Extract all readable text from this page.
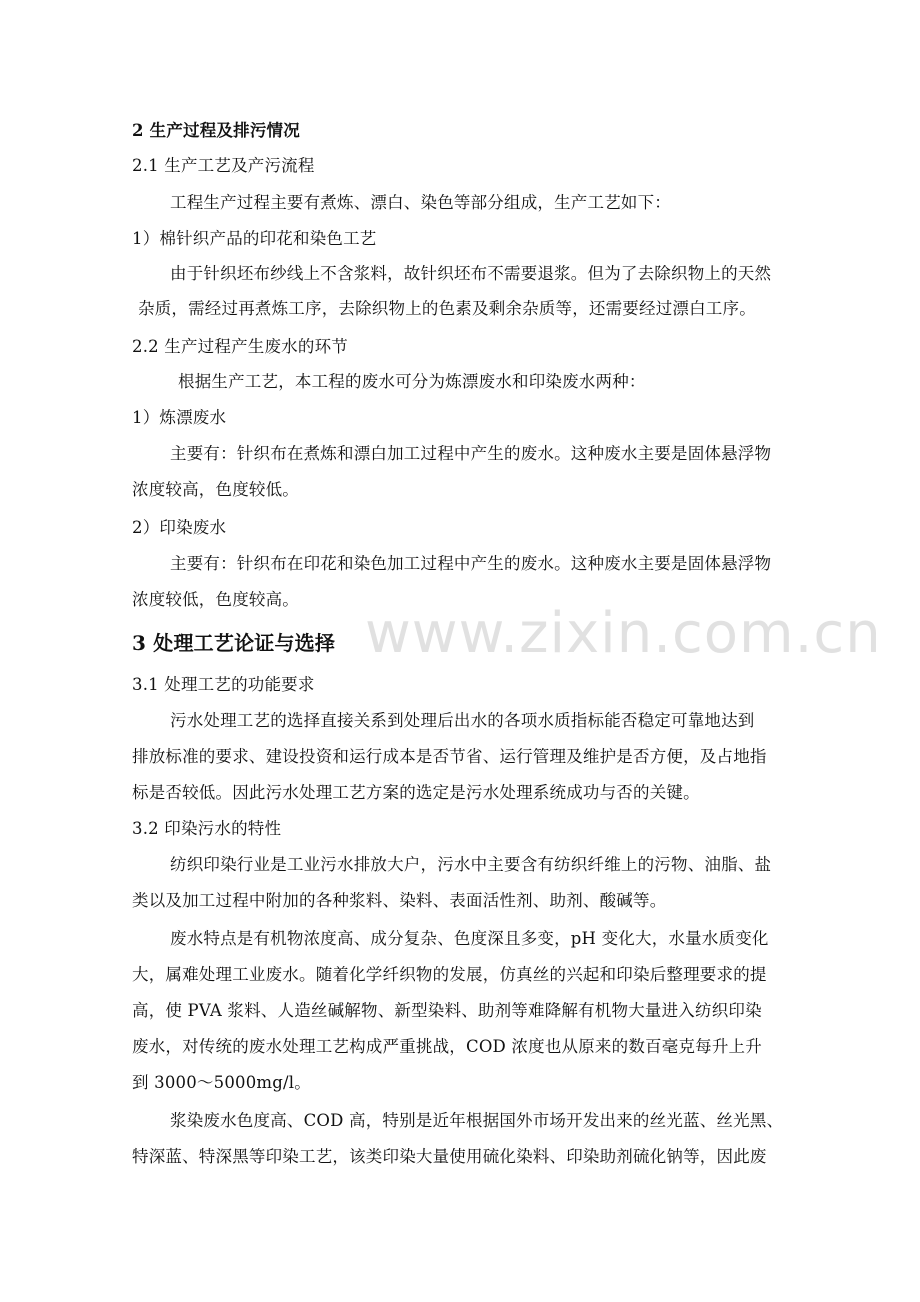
www.zixin.com.cn
2 生产过程及排污情况
2.1 生产工艺及产污流程
工程生产过程主要有煮炼、漂白、染色等部分组成，生产工艺如下：
1）棉针织产品的印花和染色工艺
由于针织坯布纱线上不含浆料，故针织坯布不需要退浆。但为了去除织物上的天然
杂质，需经过再煮炼工序，去除织物上的色素及剩余杂质等，还需要经过漂白工序。
2.2 生产过程产生废水的环节
根据生产工艺，本工程的废水可分为炼漂废水和印染废水两种：
1）炼漂废水
主要有：针织布在煮炼和漂白加工过程中产生的废水。这种废水主要是固体悬浮物
浓度较高，色度较低。
2）印染废水
主要有：针织布在印花和染色加工过程中产生的废水。这种废水主要是固体悬浮物
浓度较低，色度较高。
3 处理工艺论证与选择
3.1 处理工艺的功能要求
污水处理工艺的选择直接关系到处理后出水的各项水质指标能否稳定可靠地达到
排放标准的要求、建设投资和运行成本是否节省、运行管理及维护是否方便，及占地指
标是否较低。因此污水处理工艺方案的选定是污水处理系统成功与否的关键。
3.2 印染污水的特性
纺织印染行业是工业污水排放大户，污水中主要含有纺织纤维上的污物、油脂、盐
类以及加工过程中附加的各种浆料、染料、表面活性剂、助剂、酸碱等。
废水特点是有机物浓度高、成分复杂、色度深且多变，pH 变化大，水量水质变化
大，属难处理工业废水。随着化学纤织物的发展，仿真丝的兴起和印染后整理要求的提
高，使 PVA 浆料、人造丝碱解物、新型染料、助剂等难降解有机物大量进入纺织印染
废水，对传统的废水处理工艺构成严重挑战，COD 浓度也从原来的数百毫克每升上升
到 3000～5000mg/l。
浆染废水色度高、COD 高，特别是近年根据国外市场开发出来的丝光蓝、丝光黑、
特深蓝、特深黑等印染工艺，该类印染大量使用硫化染料、印染助剂硫化钠等，因此废
